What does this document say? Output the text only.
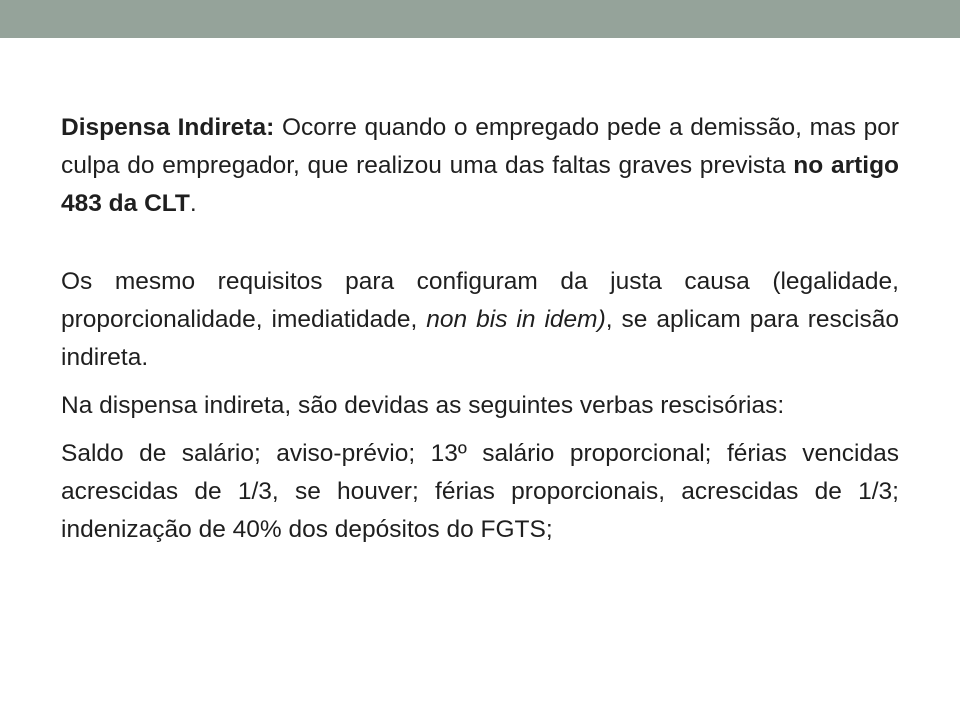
Dispensa Indireta: Ocorre quando o empregado pede a demissão, mas por culpa do empregador, que realizou uma das faltas graves prevista no artigo 483 da CLT.

Os mesmo requisitos para configuram da justa causa (legalidade, proporcionalidade, imediatidade, non bis in idem), se aplicam para rescisão indireta.

Na dispensa indireta, são devidas as seguintes verbas rescisórias:

Saldo de salário; aviso-prévio; 13º salário proporcional; férias vencidas acrescidas de 1/3, se houver; férias proporcionais, acrescidas de 1/3; indenização de 40% dos depósitos do FGTS;
